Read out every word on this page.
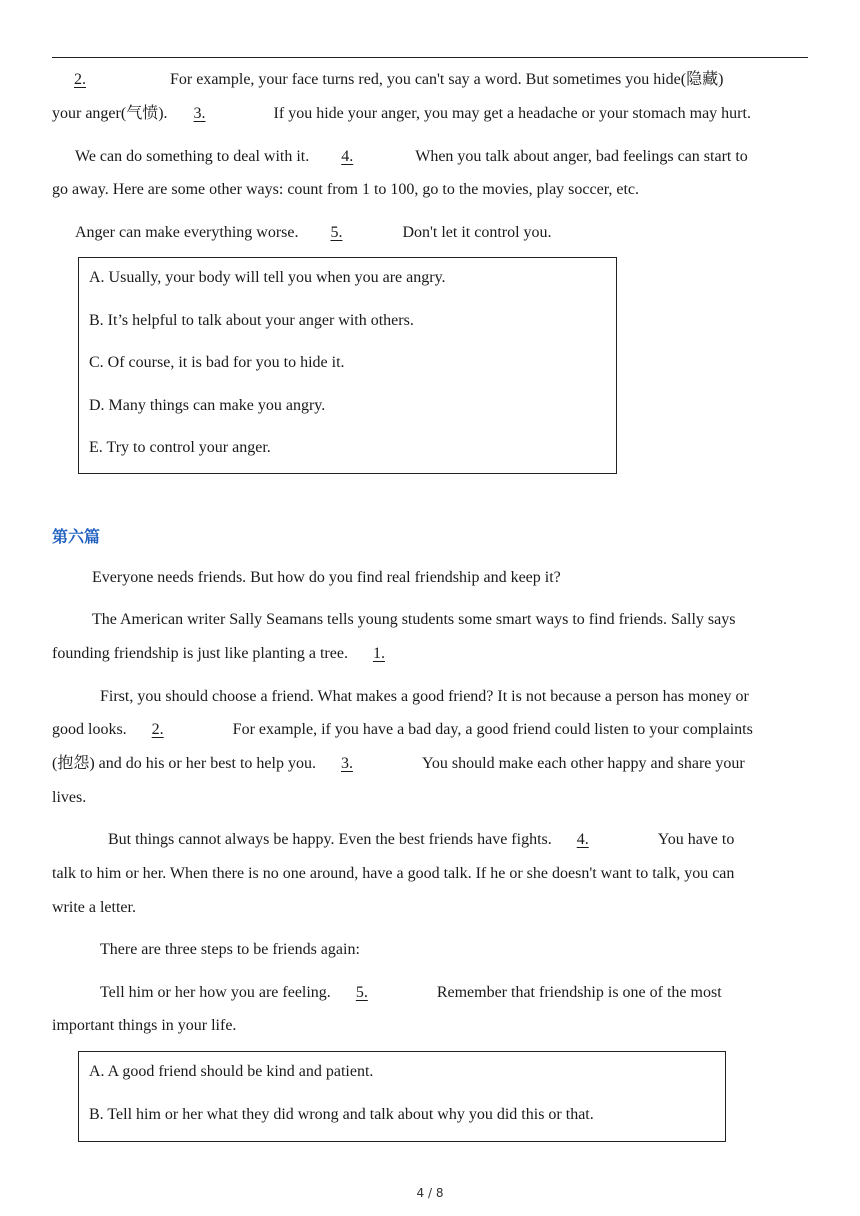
2.	For example, your face turns red, you can't say a word. But sometimes you hide(隐藏)
your anger(气愤). 3.	If you hide your anger, you may get a headache or your stomach may hurt.
We can do something to deal with it. 4.	When you talk about anger, bad feelings can start to
go away. Here are some other ways: count from 1 to 100, go to the movies, play soccer, etc.
Anger can make everything worse. 5.	Don't let it control you.
A. Usually, your body will tell you when you are angry.
B. It’s helpful to talk about your anger with others.
C. Of course, it is bad for you to hide it.
D. Many things can make you angry.
E. Try to control your anger.
第六篇
Everyone needs friends. But how do you find real friendship and keep it?
The American writer Sally Seamans tells young students some smart ways to find friends. Sally says
founding friendship is just like planting a tree. 1.
First, you should choose a friend. What makes a good friend? It is not because a person has money or
good looks. 2.	For example, if you have a bad day, a good friend could listen to your complaints
(抱怨) and do his or her best to help you. 3.	You should make each other happy and share your
lives.
But things cannot always be happy. Even the best friends have fights. 4.	You have to
talk to him or her. When there is no one around, have a good talk. If he or she doesn't want to talk, you can
write a letter.
There are three steps to be friends again:
Tell him or her how you are feeling. 5.	Remember that friendship is one of the most
important things in your life.
A. A good friend should be kind and patient.
B. Tell him or her what they did wrong and talk about why you did this or that.
4 / 8
